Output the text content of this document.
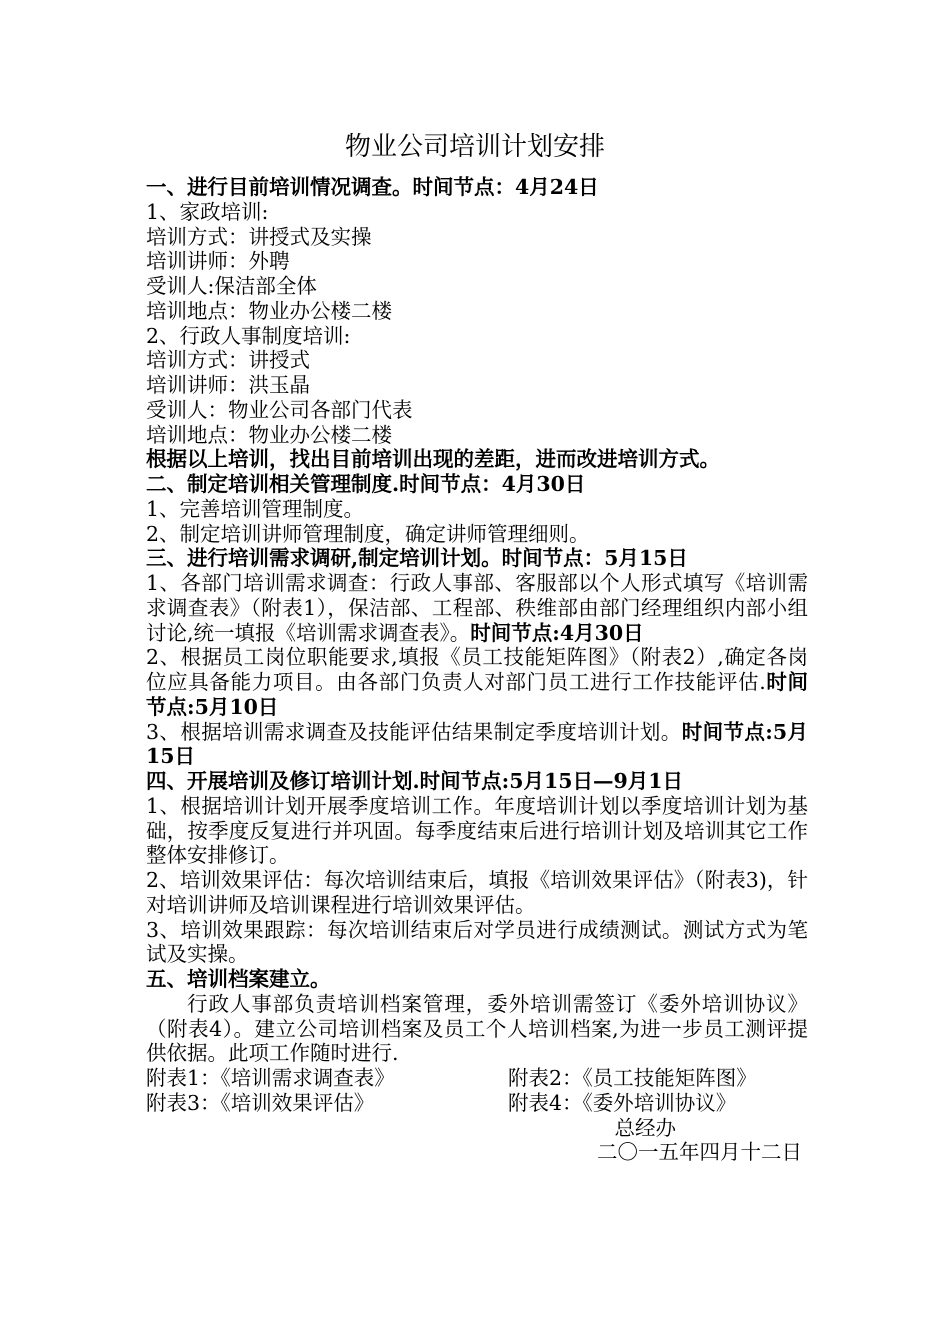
物业公司培训计划安排

一、进行目前培训情况调查。时间节点：4月24日

1、家政培训:

培训方式：讲授式及实操

培训讲师：外聘

受训人:保洁部全体

培训地点：物业办公楼二楼

2、行政人事制度培训:

培训方式：讲授式

培训讲师：洪玉晶

受训人：物业公司各部门代表

培训地点：物业办公楼二楼

根据以上培训，找出目前培训出现的差距，进而改进培训方式。

二、制定培训相关管理制度.时间节点：4月30日

1、完善培训管理制度。

2、制定培训讲师管理制度，确定讲师管理细则。

三、进行培训需求调研,制定培训计划。时间节点：5月15日

1、各部门培训需求调查：行政人事部、客服部以个人形式填写《培训需求调查表》（附表1），保洁部、工程部、秩维部由部门经理组织内部小组讨论,统一填报《培训需求调查表》。时间节点:4月30日

2、根据员工岗位职能要求,填报《员工技能矩阵图》（附表2）,确定各岗位应具备能力项目。由各部门负责人对部门员工进行工作技能评估.时间节点:5月10日

3、根据培训需求调查及技能评估结果制定季度培训计划。时间节点:5月15日

四、开展培训及修订培训计划.时间节点:5月15日—9月1日

1、根据培训计划开展季度培训工作。年度培训计划以季度培训计划为基础，按季度反复进行并巩固。每季度结束后进行培训计划及培训其它工作整体安排修订。

2、培训效果评估：每次培训结束后，填报《培训效果评估》（附表3)，针对培训讲师及培训课程进行培训效果评估。

3、培训效果跟踪：每次培训结束后对学员进行成绩测试。测试方式为笔试及实操。

五、培训档案建立。

行政人事部负责培训档案管理，委外培训需签订《委外培训协议》（附表4）。建立公司培训档案及员工个人培训档案,为进一步员工测评提供依据。此项工作随时进行.

附表1：《培训需求调查表》	附表2：《员工技能矩阵图》
附表3：《培训效果评估》	附表4：《委外培训协议》

总经办

二〇一五年四月十二日
